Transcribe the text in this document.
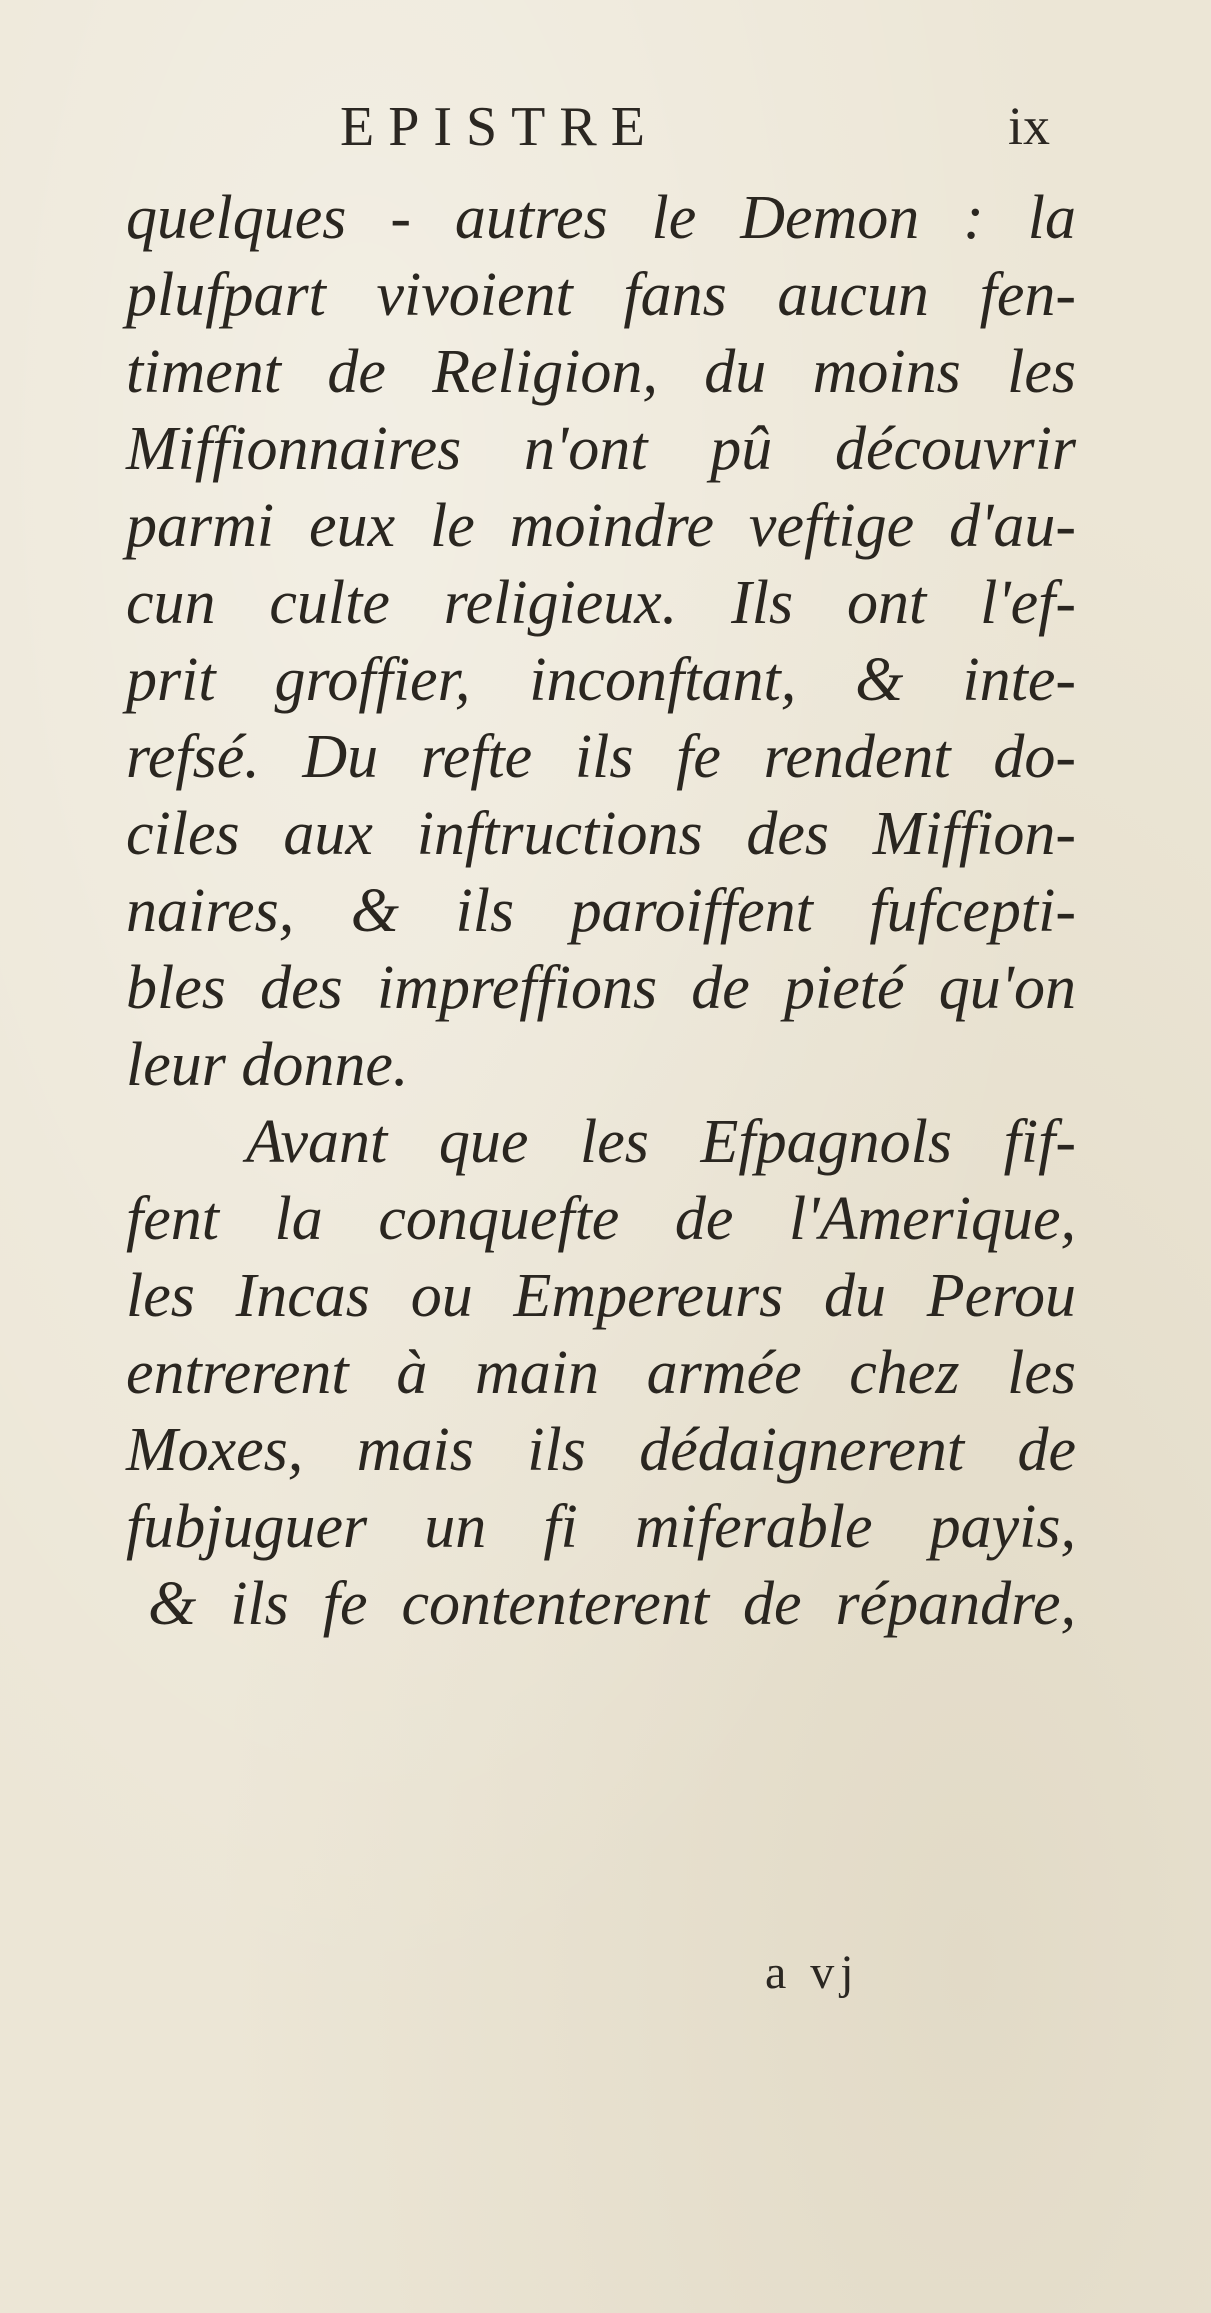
EPISTRE	ix
quelques - autres le Demon : la
plufpart vivoient fans aucun fen-
timent de Religion, du moins les
Miffionnaires n'ont pû découvrir
parmi eux le moindre veftige d'au-
cun culte religieux. Ils ont l'ef-
prit groffier, inconftant, & inte-
refsé. Du refte ils fe rendent do-
ciles aux inftructions des Miffion-
naires, & ils paroiffent fufcepti-
bles des impreffions de pieté qu'on
leur donne.
Avant que les Efpagnols fif-
fent la conquefte de l'Amerique,
les Incas ou Empereurs du Perou
entrerent à main armée chez les
Moxes, mais ils dédaignerent de
fubjuguer un fi miferable payis,
& ils fe contenterent de répandre,
a vj
